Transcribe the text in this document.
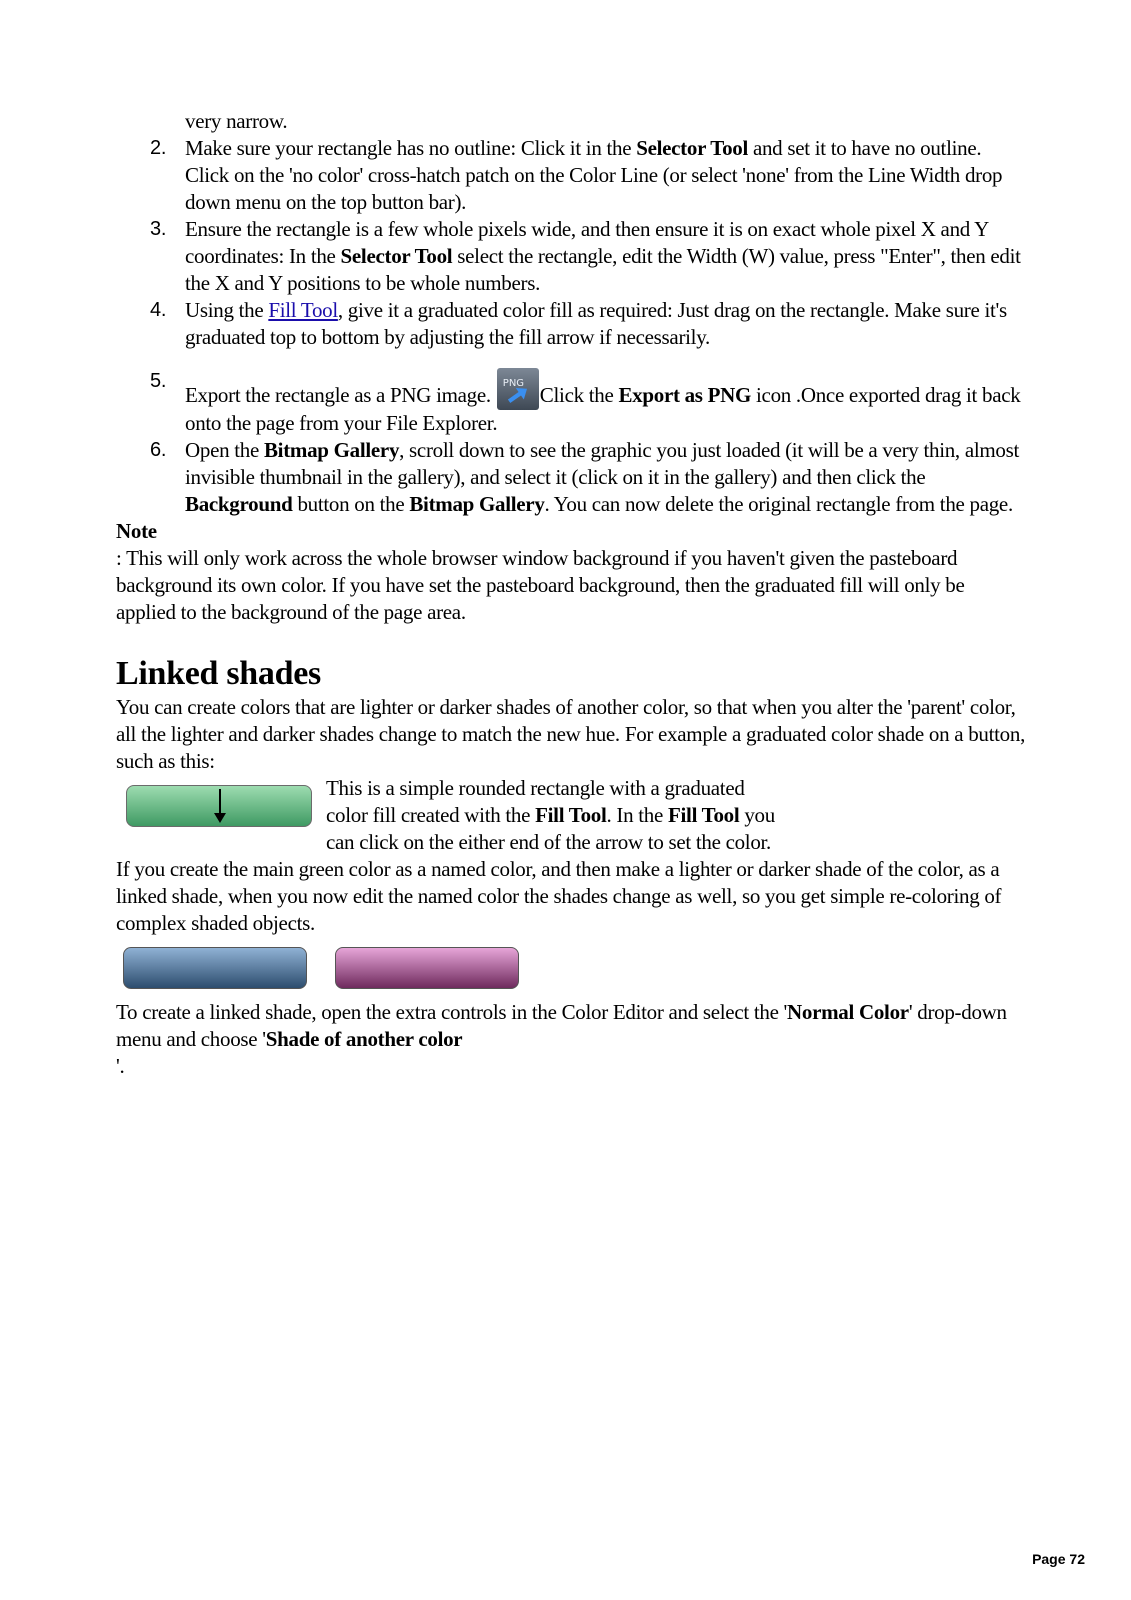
very narrow.
2. Make sure your rectangle has no outline: Click it in the Selector Tool and set it to have no outline. Click on the 'no color' cross-hatch patch on the Color Line (or select 'none' from the Line Width drop down menu on the top button bar).
3. Ensure the rectangle is a few whole pixels wide, and then ensure it is on exact whole pixel X and Y coordinates: In the Selector Tool select the rectangle, edit the Width (W) value, press "Enter", then edit the X and Y positions to be whole numbers.
4. Using the Fill Tool, give it a graduated color fill as required: Just drag on the rectangle. Make sure it's graduated top to bottom by adjusting the fill arrow if necessarily.
5.
Export the rectangle as a PNG image. PNG Click the Export as PNG icon .Once exported drag it back onto the page from your File Explorer.
6. Open the Bitmap Gallery, scroll down to see the graphic you just loaded (it will be a very thin, almost invisible thumbnail in the gallery), and select it (click on it in the gallery) and then click the Background button on the Bitmap Gallery. You can now delete the original rectangle from the page.
Note

: This will only work across the whole browser window background if you haven't given the pasteboard background its own color. If you have set the pasteboard background, then the graduated fill will only be applied to the background of the page area.

Linked shades

You can create colors that are lighter or darker shades of another color, so that when you alter the 'parent' color, all the lighter and darker shades change to match the new hue. For example a graduated color shade on a button, such as this:

This is a simple rounded rectangle with a graduated color fill created with the Fill Tool. In the Fill Tool you can click on the either end of the arrow to set the color.

If you create the main green color as a named color, and then make a lighter or darker shade of the color, as a linked shade, when you now edit the named color the shades change as well, so you get simple re-coloring of complex shaded objects.

To create a linked shade, open the extra controls in the Color Editor and select the 'Normal Color' drop-down menu and choose 'Shade of another color
'.

Page 72
